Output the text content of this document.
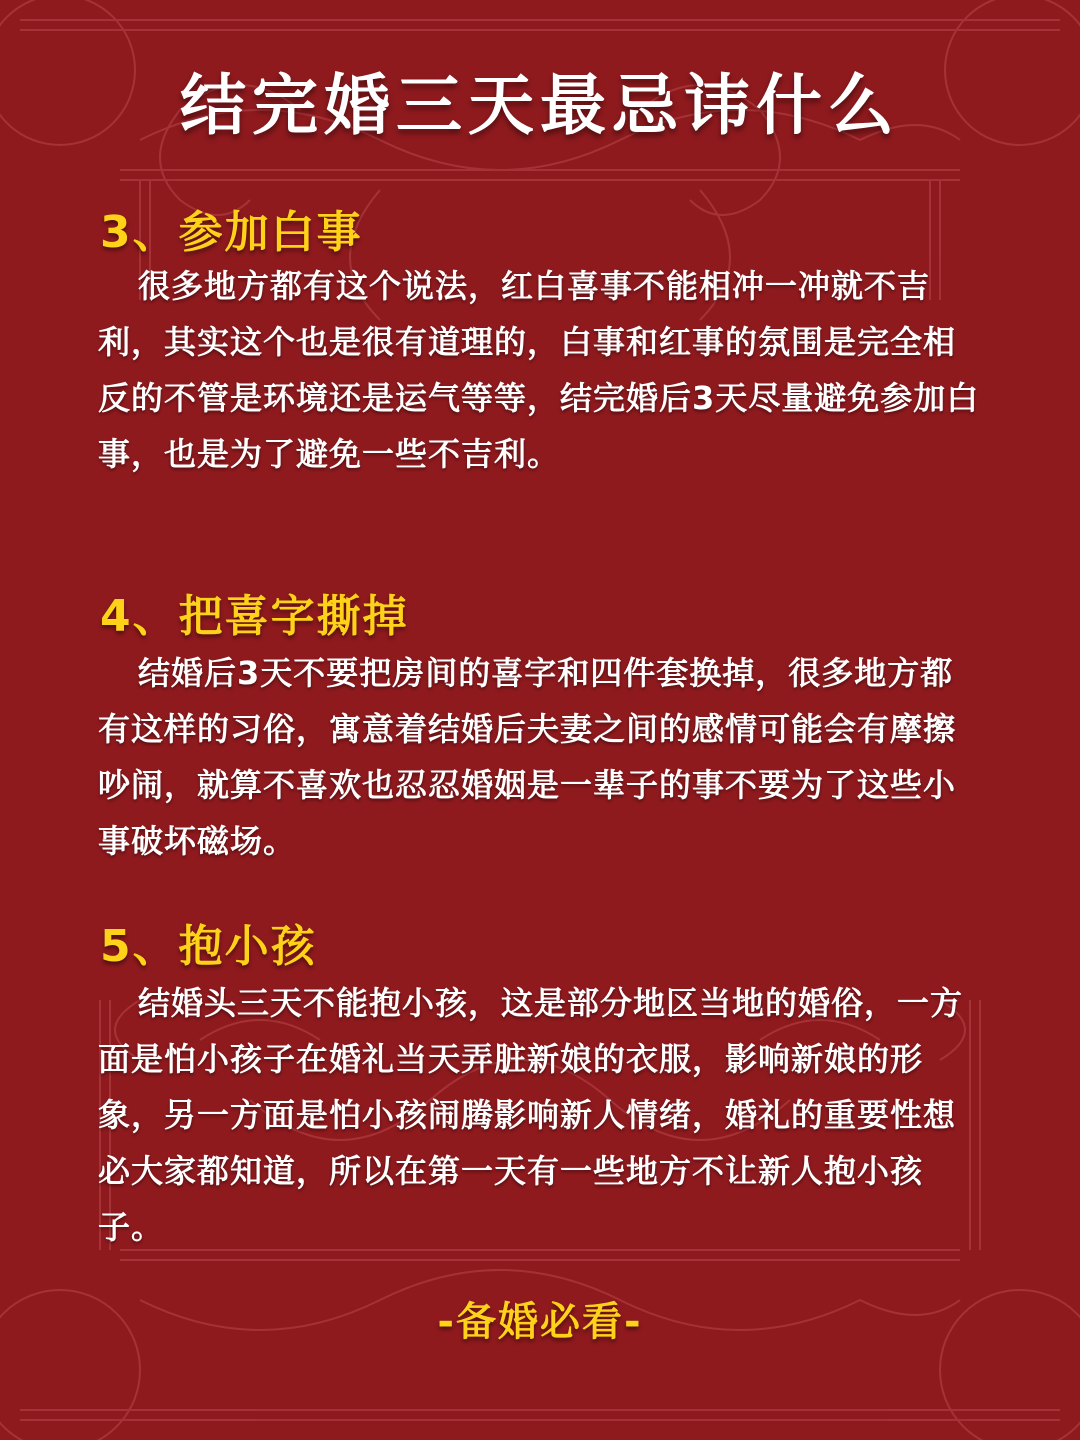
结完婚三天最忌讳什么
3、参加白事

很多地方都有这个说法，红白喜事不能相冲一冲就不吉利，其实这个也是很有道理的，白事和红事的氛围是完全相反的不管是环境还是运气等等，结完婚后3天尽量避免参加白事，也是为了避免一些不吉利。

4、把喜字撕掉

结婚后3天不要把房间的喜字和四件套换掉，很多地方都有这样的习俗，寓意着结婚后夫妻之间的感情可能会有摩擦吵闹，就算不喜欢也忍忍婚姻是一辈子的事不要为了这些小事破坏磁场。

5、抱小孩

结婚头三天不能抱小孩，这是部分地区当地的婚俗，一方面是怕小孩子在婚礼当天弄脏新娘的衣服，影响新娘的形象，另一方面是怕小孩闹腾影响新人情绪，婚礼的重要性想必大家都知道，所以在第一天有一些地方不让新人抱小孩子。

-备婚必看-
